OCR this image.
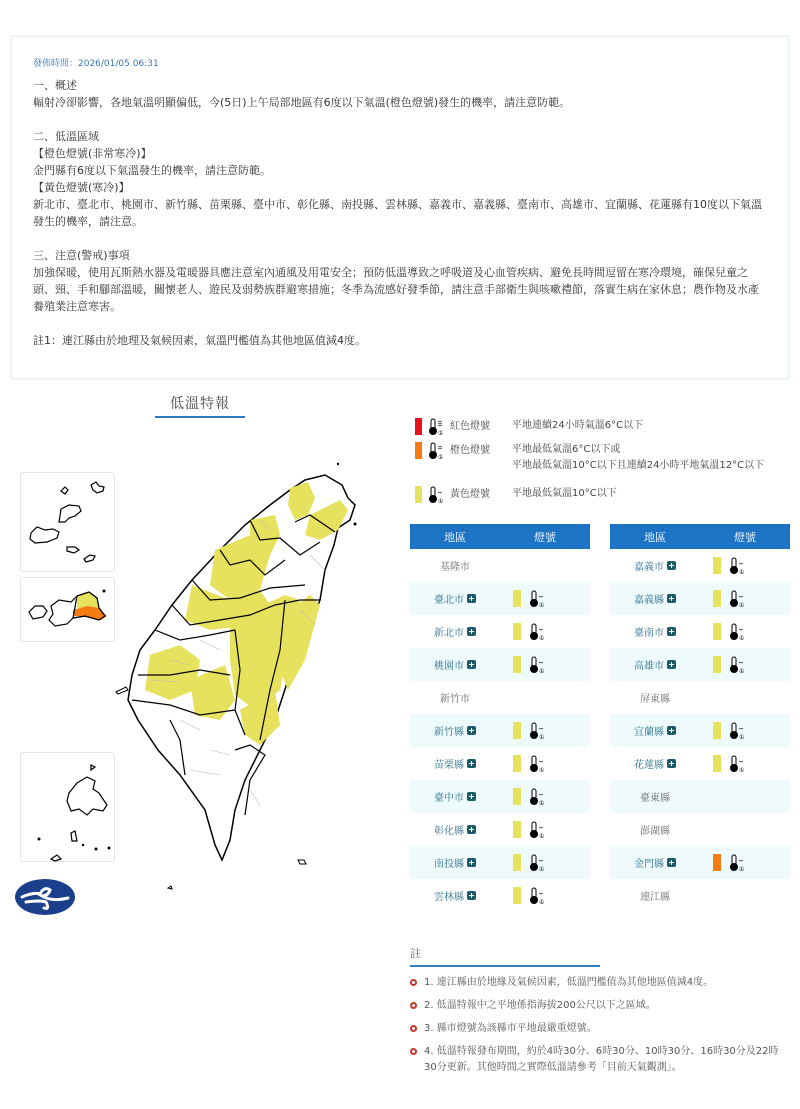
發佈時間：2026/01/05 06:31
一、概述
輻射冷卻影響，各地氣溫明顯偏低，今(5日)上午局部地區有6度以下氣溫(橙色燈號)發生的機率，請注意防範。
二、低溫區域
【橙色燈號(非常寒冷)】
金門縣有6度以下氣溫發生的機率，請注意防範。
【黃色燈號(寒冷)】
新北市、臺北市、桃園市、新竹縣、苗栗縣、臺中市、彰化縣、南投縣、雲林縣、嘉義市、嘉義縣、臺南市、高雄市、宜蘭縣、花蓮縣有10度以下氣溫發生的機率，請注意。
三、注意(警戒)事項
加強保暖，使用瓦斯熱水器及電暖器具應注意室內通風及用電安全；預防低溫導致之呼吸道及心血管疾病、避免長時間逗留在寒冷環境，確保兒童之頭、頸、手和腳部溫暖，關懷老人、遊民及弱勢族群避寒措施；冬季為流感好發季節，請注意手部衛生與咳嗽禮節，落實生病在家休息；農作物及水產養殖業注意寒害。
註1：連江縣由於地理及氣候因素，氣溫門檻值為其他地區值減4度。
低溫特報
①
紅色燈號	平地連續24小時氣溫6°C以下
①
橙色燈號	平地最低氣溫6°C以下或
平地最低氣溫10°C以下且連續24小時平地氣溫12°C以下
①
黃色燈號	平地最低氣溫10°C以下
地區	燈號
基隆市
臺北市	①
新北市	①
桃園市	①
新竹市
新竹縣	①
苗栗縣	①
臺中市	①
彰化縣	①
南投縣	①
雲林縣	①
地區	燈號
嘉義市	①
嘉義縣	①
臺南市	①
高雄市	①
屏東縣
宜蘭縣	①
花蓮縣	①
臺東縣
澎湖縣
金門縣	①
連江縣
註
1. 連江縣由於地緣及氣候因素，低溫門檻值為其他地區值減4度。
2. 低溫特報中之平地係指海拔200公尺以下之區域。
3. 縣市燈號為該縣市平地最嚴重燈號。
4. 低溫特報發布期間，約於4時30分、6時30分、10時30分、16時30分及22時30分更新。其他時間之實際低溫請參考「目前天氣觀測」。
